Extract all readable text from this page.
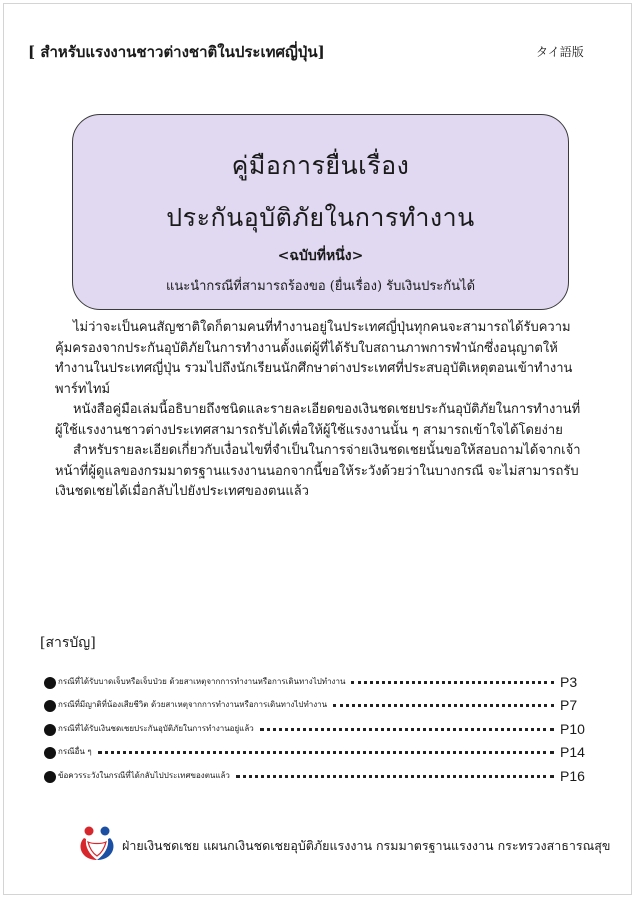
[ สำหรับแรงงานชาวต่างชาติในประเทศญี่ปุ่น]	タイ語版
คู่มือการยื่นเรื่อง
ประกันอุบัติภัยในการทำงาน
<ฉบับที่หนึ่ง>
แนะนำกรณีที่สามารถร้องขอ (ยื่นเรื่อง) รับเงินประกันได้

ไม่ว่าจะเป็นคนสัญชาติใดก็ตามคนที่ทำงานอยู่ในประเทศญี่ปุ่นทุกคนจะสามารถได้รับความคุ้มครองจากประกันอุบัติภัยในการทำงานตั้งแต่ผู้ที่ได้รับใบสถานภาพการพำนักซึ่งอนุญาตให้ทำงานในประเทศญี่ปุ่น รวมไปถึงนักเรียนนักศึกษาต่างประเทศที่ประสบอุบัติเหตุตอนเข้าทำงานพาร์ทไทม์

หนังสือคู่มือเล่มนี้อธิบายถึงชนิดและรายละเอียดของเงินชดเชยประกันอุบัติภัยในการทำงานที่ผู้ใช้แรงงานชาวต่างประเทศสามารถรับได้เพื่อให้ผู้ใช้แรงงานนั้น ๆ สามารถเข้าใจได้โดยง่าย

สำหรับรายละเอียดเกี่ยวกับเงื่อนไขที่จำเป็นในการจ่ายเงินชดเชยนั้นขอให้สอบถามได้จากเจ้าหน้าที่ผู้ดูแลของกรมมาตรฐานแรงงานนอกจากนี้ขอให้ระวังด้วยว่าในบางกรณี จะไม่สามารถรับเงินชดเชยได้เมื่อกลับไปยังประเทศของตนแล้ว

[สารบัญ]
กรณีที่ได้รับบาดเจ็บหรือเจ็บป่วย ด้วยสาเหตุจากการทำงานหรือการเดินทางไปทำงาน	P3
กรณีที่มีญาติที่น้องเสียชีวิต ด้วยสาเหตุจากการทำงานหรือการเดินทางไปทำงาน	P7
กรณีที่ได้รับเงินชดเชยประกันอุบัติภัยในการทำงานอยู่แล้ว	P10
กรณีอื่น ๆ	P14
ข้อควรระวังในกรณีที่ได้กลับไปประเทศของตนแล้ว	P16
ฝ่ายเงินชดเชย แผนกเงินชดเชยอุบัติภัยแรงงาน กรมมาตรฐานแรงงาน กระทรวงสาธารณสุข
